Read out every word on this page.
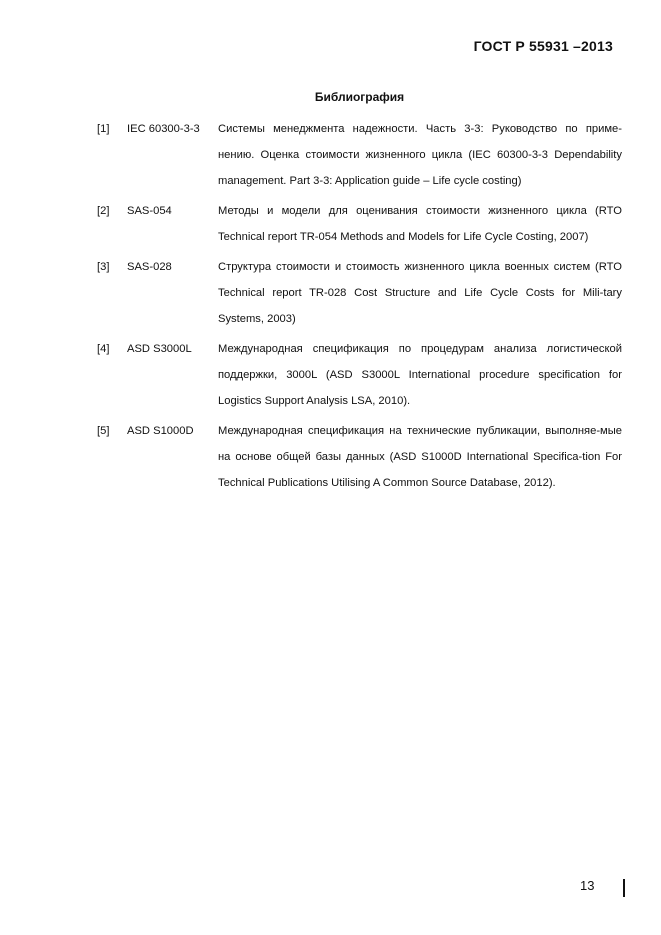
ГОСТ Р 55931 –2013
Библиография
[1] IEC 60300-3-3 Системы менеджмента надежности. Часть 3-3: Руководство по приме-нению. Оценка стоимости жизненного цикла (IEC 60300-3-3 Dependability management. Part 3-3: Application guide – Life cycle costing)
[2] SAS-054	Методы и модели для оценивания стоимости жизненного цикла (RTO Technical report TR-054 Methods and Models for Life Cycle Costing, 2007)
[3] SAS-028	Структура стоимости и стоимость жизненного цикла военных систем (RTO Technical report TR-028 Cost Structure and Life Cycle Costs for Mili-tary Systems, 2003)
[4] ASD S3000L Международная спецификация по процедурам анализа логистической поддержки, 3000L (ASD S3000L International procedure specification for Logistics Support Analysis LSA, 2010).
[5] ASD S1000D Международная спецификация на технические публикации, выполняе-мые на основе общей базы данных (ASD S1000D International Specifica-tion For Technical Publications Utilising A Common Source Database, 2012).
13
